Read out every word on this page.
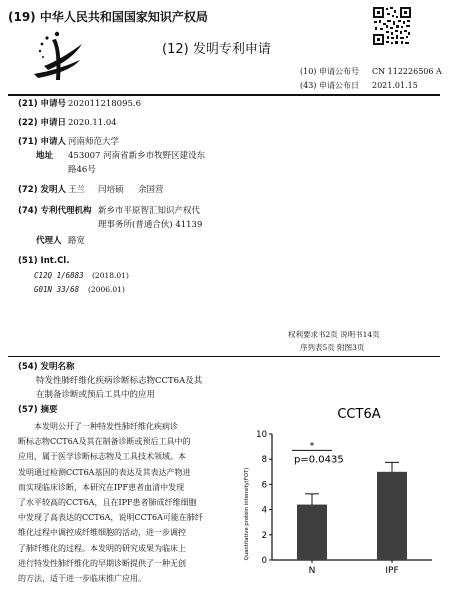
(19) 中华人民共和国国家知识产权局
(12) 发明专利申请
(10) 申请公布号 CN 112226506 A
(43) 申请公布日 2021.01.15
(21) 申请号 202011218095.6
(22) 申请日 2020.11.04
(71) 申请人 河南师范大学
地址 453007 河南省新乡市牧野区建设东
路46号
(72) 发明人 王兰 闫培硕 余国营
(74) 专利代理机构 新乡市平原智汇知识产权代
理事务所(普通合伙) 41139
代理人 路宽
(51) Int.Cl.
C12Q 1/6883 (2018.01)
G01N 33/68 (2006.01)
权利要求书2页 说明书14页
序列表5页 附图3页
(54) 发明名称
特发性肺纤维化疾病诊断标志物CCT6A及其
在制备诊断或预后工具中的应用
(57) 摘要
本发明公开了一种特发性肺纤维化疾病诊
断标志物CCT6A及其在制备诊断或预后工具中的
应用，属于医学诊断标志物及工具技术领域。本
发明通过检测CCT6A基因的表达及其表达产物进
而实现临床诊断，本研究在IPF患者血清中发现
了水平较高的CCT6A，且在IPF患者肺成纤维细胞
中发现了高表达的CCT6A，说明CCT6A可能在肺纤
维化过程中调控成纤维细胞的活动，进一步调控
了肺纤维化的过程。本发明的研究成果为临床上
进行特发性肺纤维化的早期诊断提供了一种无创
的方法，适于进一步临床推广应用。
CCT6A
Quantitative protein intensity(FOT)
0
2
4
6
8
10
N	IPF
*
p=0.0435
